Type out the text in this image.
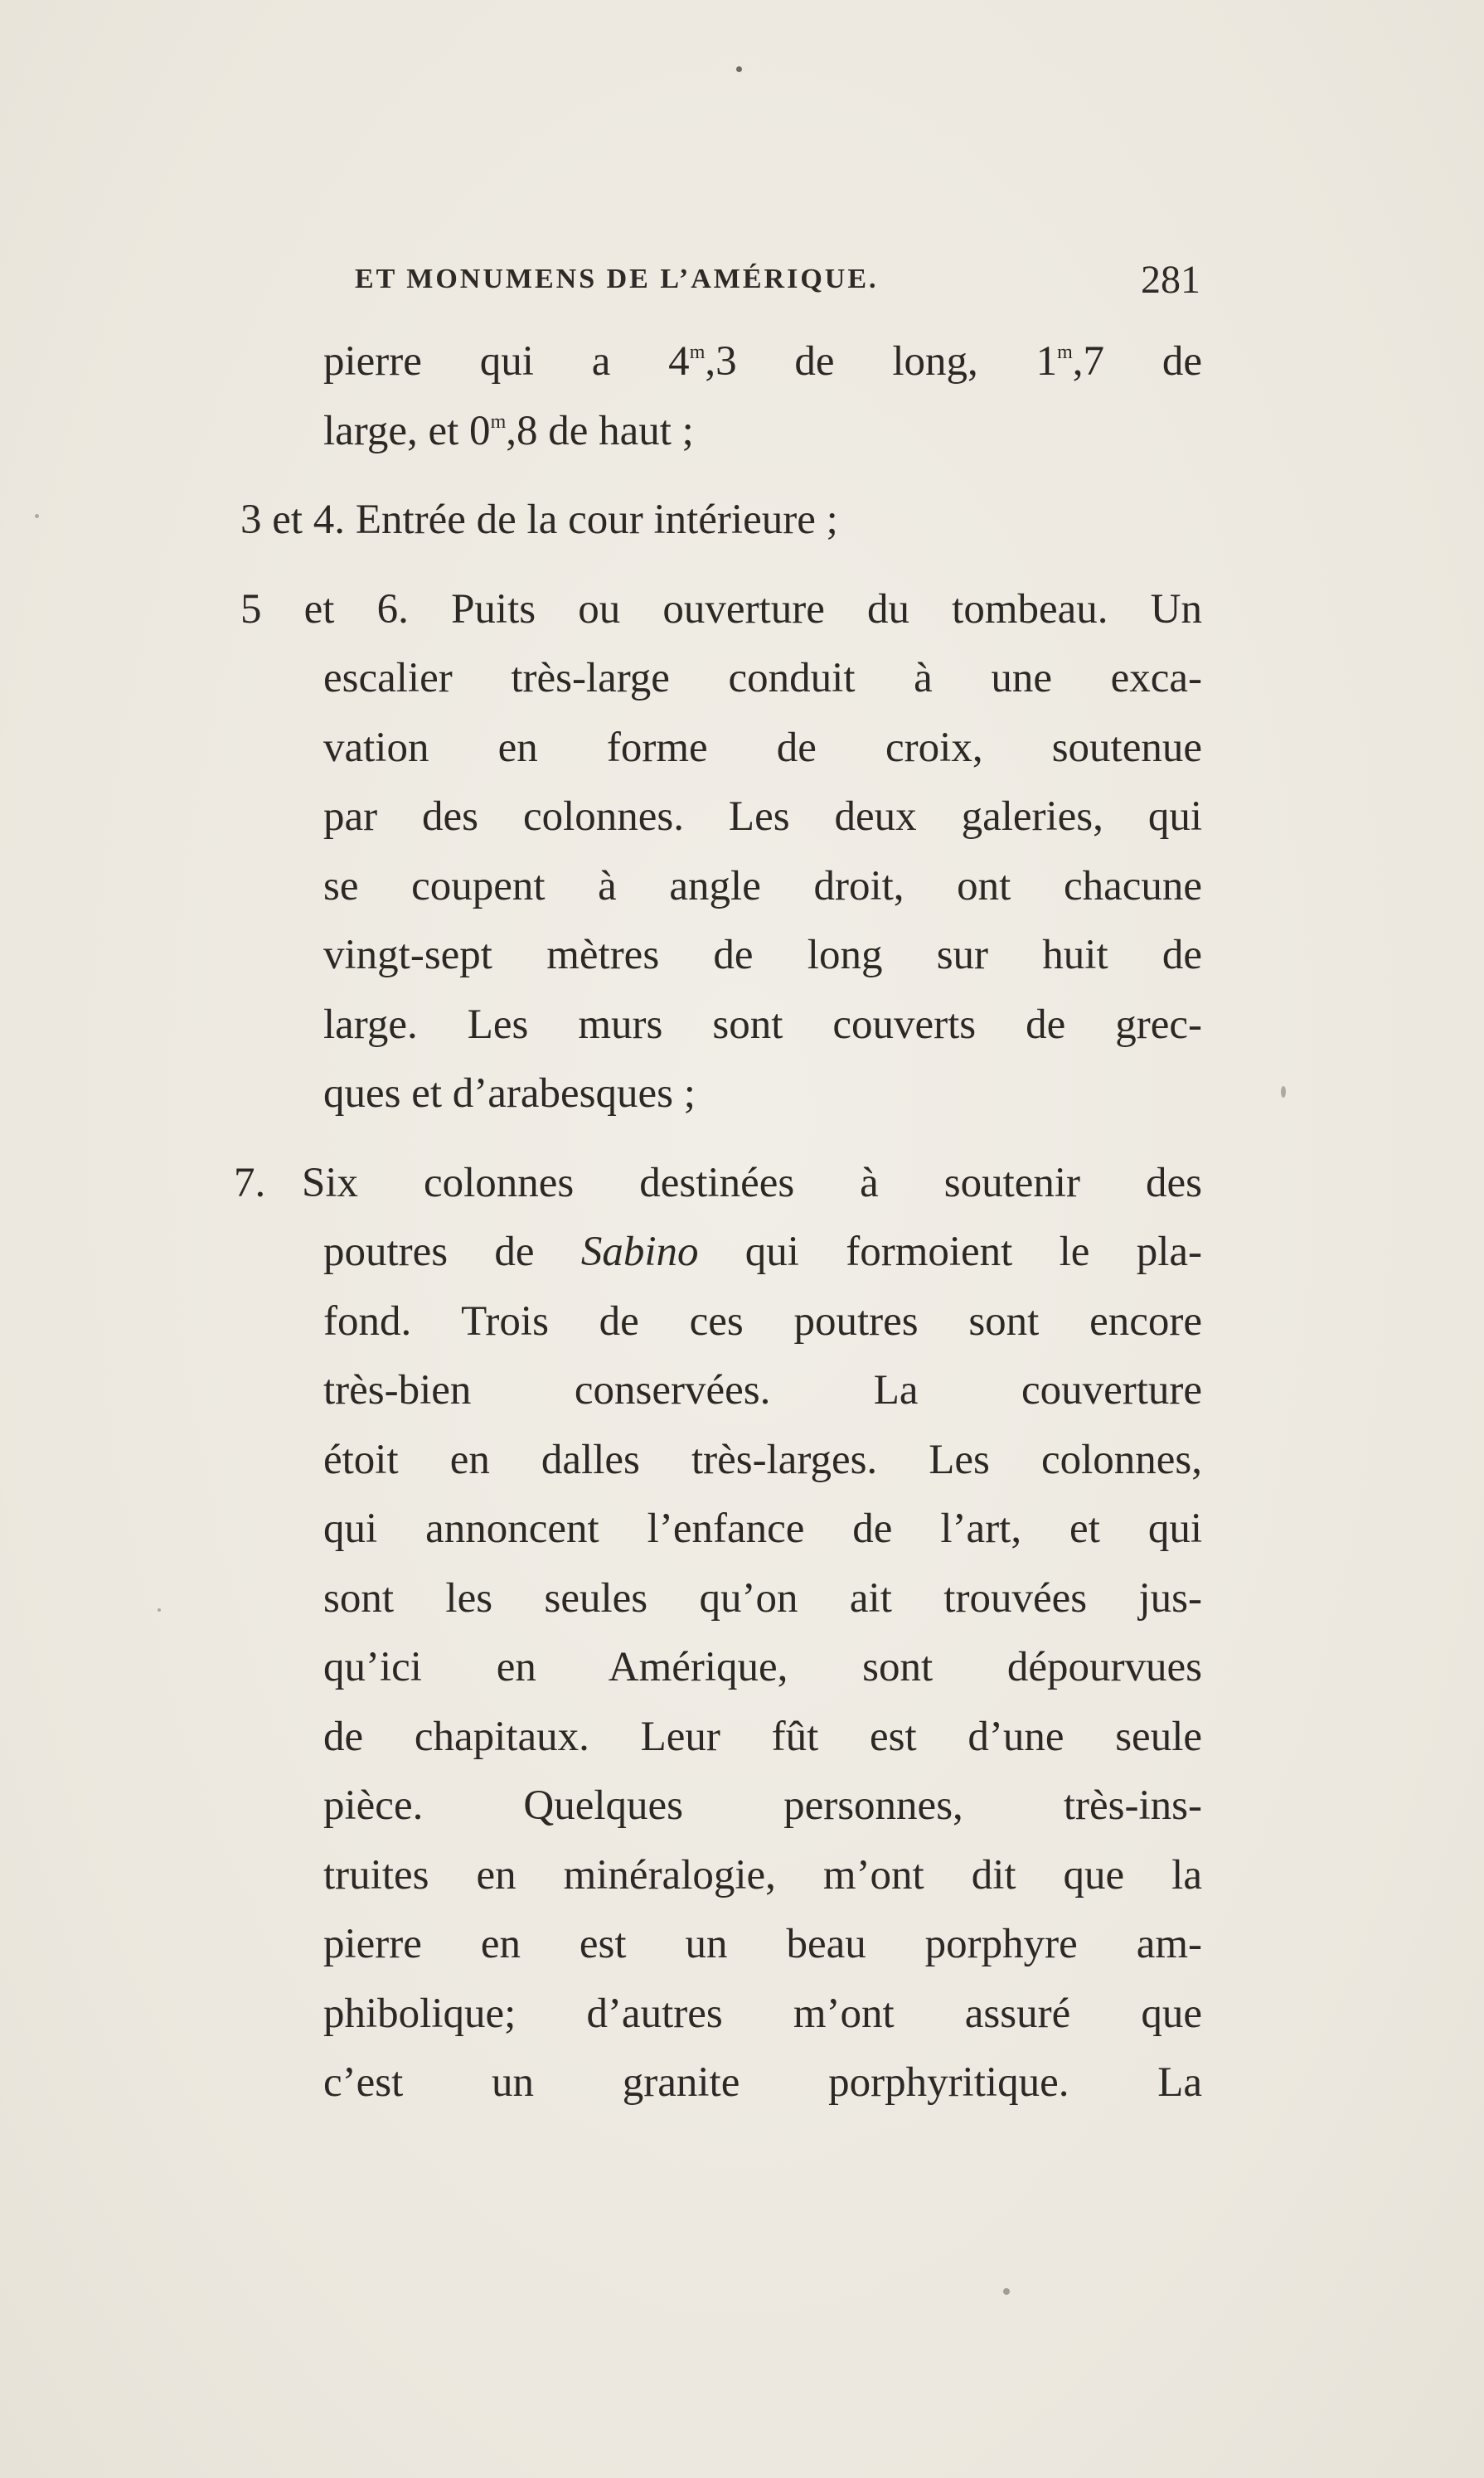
ET MONUMENS DE L’AMÉRIQUE.	281
pierre qui a 4$^m$,3 de long, 1$^m$,7 de
large, et 0$^m$,8 de haut ;
3 et 4. Entrée de la cour intérieure ;
5 et 6. Puits ou ouverture du tombeau. Un
escalier très-large conduit à une exca-
vation en forme de croix, soutenue
par des colonnes. Les deux galeries, qui
se coupent à angle droit, ont chacune
vingt-sept mètres de long sur huit de
large. Les murs sont couverts de grec-
ques et d’arabesques ;
7. Six colonnes destinées à soutenir des
poutres de Sabino qui formoient le pla-
fond. Trois de ces poutres sont encore
très-bien conservées. La couverture
étoit en dalles très-larges. Les colonnes,
qui annoncent l’enfance de l’art, et qui
sont les seules qu’on ait trouvées jus-
qu’ici en Amérique, sont dépourvues
de chapitaux. Leur fût est d’une seule
pièce. Quelques personnes, très-ins-
truites en minéralogie, m’ont dit que la
pierre en est un beau porphyre am-
phibolique; d’autres m’ont assuré que
c’est un granite porphyritique. La
